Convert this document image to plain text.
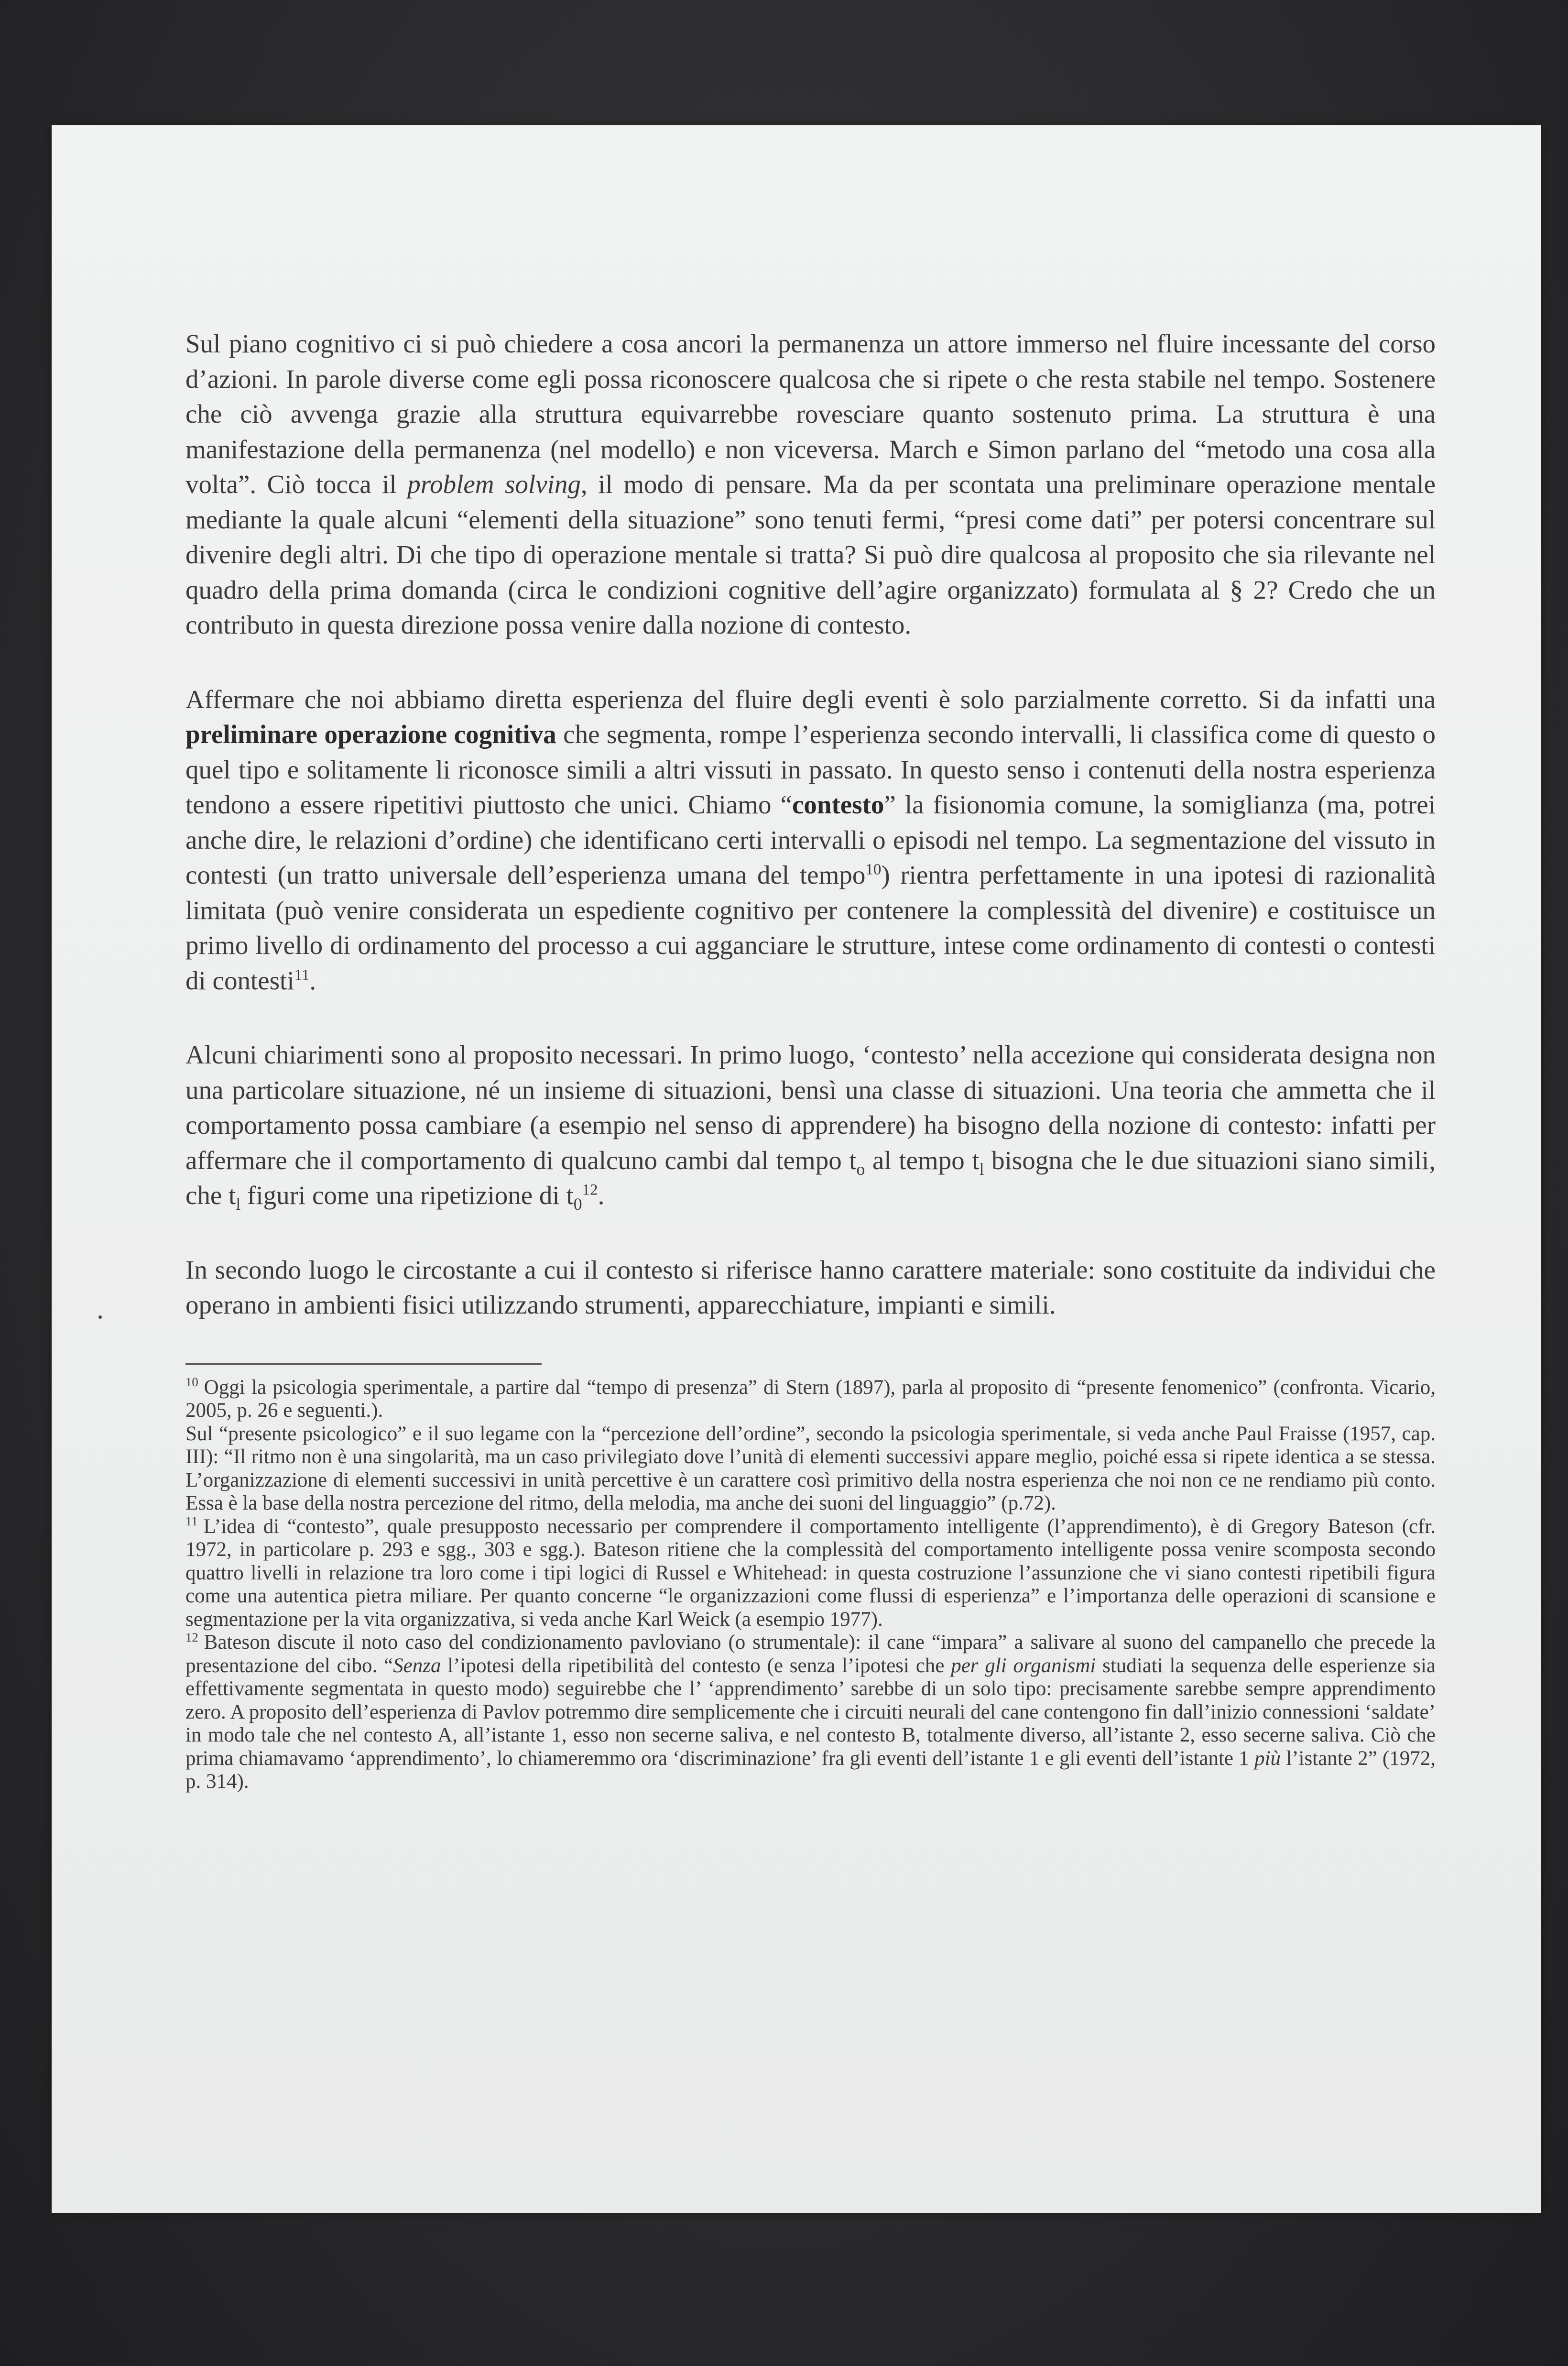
Sul piano cognitivo ci si può chiedere a cosa ancori la permanenza un attore immerso nel fluire incessante del corso d’azioni. In parole diverse come egli possa riconoscere qualcosa che si ripete o che resta stabile nel tempo. Sostenere che ciò avvenga grazie alla struttura equivarrebbe rovesciare quanto sostenuto prima. La struttura è una manifestazione della permanenza (nel modello) e non viceversa. March e Simon parlano del “metodo una cosa alla volta”. Ciò tocca il problem solving, il modo di pensare. Ma da per scontata una preliminare operazione mentale mediante la quale alcuni “elementi della situazione” sono tenuti fermi, “presi come dati” per potersi concentrare sul divenire degli altri. Di che tipo di operazione mentale si tratta? Si può dire qualcosa al proposito che sia rilevante nel quadro della prima domanda (circa le condizioni cognitive dell’agire organizzato) formulata al § 2? Credo che un contributo in questa direzione possa venire dalla nozione di contesto.

Affermare che noi abbiamo diretta esperienza del fluire degli eventi è solo parzialmente corretto. Si da infatti una preliminare operazione cognitiva che segmenta, rompe l’esperienza secondo intervalli, li classifica come di questo o quel tipo e solitamente li riconosce simili a altri vissuti in passato. In questo senso i contenuti della nostra esperienza tendono a essere ripetitivi piuttosto che unici. Chiamo “contesto” la fisionomia comune, la somiglianza (ma, potrei anche dire, le relazioni d’ordine) che identificano certi intervalli o episodi nel tempo. La segmentazione del vissuto in contesti (un tratto universale dell’esperienza umana del tempo$^{10}$) rientra perfettamente in una ipotesi di razionalità limitata (può venire considerata un espediente cognitivo per contenere la complessità del divenire) e costituisce un primo livello di ordinamento del processo a cui agganciare le strutture, intese come ordinamento di contesti o contesti di contesti$^{11}$.

Alcuni chiarimenti sono al proposito necessari. In primo luogo, ‘contesto’ nella accezione qui considerata designa non una particolare situazione, né un insieme di situazioni, bensì una classe di situazioni. Una teoria che ammetta che il comportamento possa cambiare (a esempio nel senso di apprendere) ha bisogno della nozione di contesto: infatti per affermare che il comportamento di qualcuno cambi dal tempo $t_o$ al tempo $t_l$ bisogna che le due situazioni siano simili, che $t_l$ figuri come una ripetizione di $t_0^{12}$.

In secondo luogo le circostante a cui il contesto si riferisce hanno carattere materiale: sono costituite da individui che operano in ambienti fisici utilizzando strumenti, apparecchiature, impianti e simili.

$^{10}$ Oggi la psicologia sperimentale, a partire dal “tempo di presenza” di Stern (1897), parla al proposito di “presente fenomenico” (confronta. Vicario, 2005, p. 26 e seguenti.).

Sul “presente psicologico” e il suo legame con la “percezione dell’ordine”, secondo la psicologia sperimentale, si veda anche Paul Fraisse (1957, cap. III): “Il ritmo non è una singolarità, ma un caso privilegiato dove l’unità di elementi successivi appare meglio, poiché essa si ripete identica a se stessa. L’organizzazione di elementi successivi in unità percettive è un carattere così primitivo della nostra esperienza che noi non ce ne rendiamo più conto. Essa è la base della nostra percezione del ritmo, della melodia, ma anche dei suoni del linguaggio” (p.72).

$^{11}$ L’idea di “contesto”, quale presupposto necessario per comprendere il comportamento intelligente (l’apprendimento), è di Gregory Bateson (cfr. 1972, in particolare p. 293 e sgg., 303 e sgg.). Bateson ritiene che la complessità del comportamento intelligente possa venire scomposta secondo quattro livelli in relazione tra loro come i tipi logici di Russel e Whitehead: in questa costruzione l’assunzione che vi siano contesti ripetibili figura come una autentica pietra miliare. Per quanto concerne “le organizzazioni come flussi di esperienza” e l’importanza delle operazioni di scansione e segmentazione per la vita organizzativa, si veda anche Karl Weick (a esempio 1977).

$^{12}$ Bateson discute il noto caso del condizionamento pavloviano (o strumentale): il cane “impara” a salivare al suono del campanello che precede la presentazione del cibo. “Senza l’ipotesi della ripetibilità del contesto (e senza l’ipotesi che per gli organismi studiati la sequenza delle esperienze sia effettivamente segmentata in questo modo) seguirebbe che l’ ‘apprendimento’ sarebbe di un solo tipo: precisamente sarebbe sempre apprendimento zero. A proposito dell’esperienza di Pavlov potremmo dire semplicemente che i circuiti neurali del cane contengono fin dall’inizio connessioni ‘saldate’ in modo tale che nel contesto A, all’istante 1, esso non secerne saliva, e nel contesto B, totalmente diverso, all’istante 2, esso secerne saliva. Ciò che prima chiamavamo ‘apprendimento’, lo chiameremmo ora ‘discriminazione’ fra gli eventi dell’istante 1 e gli eventi dell’istante 1 più l’istante 2” (1972, p. 314).
